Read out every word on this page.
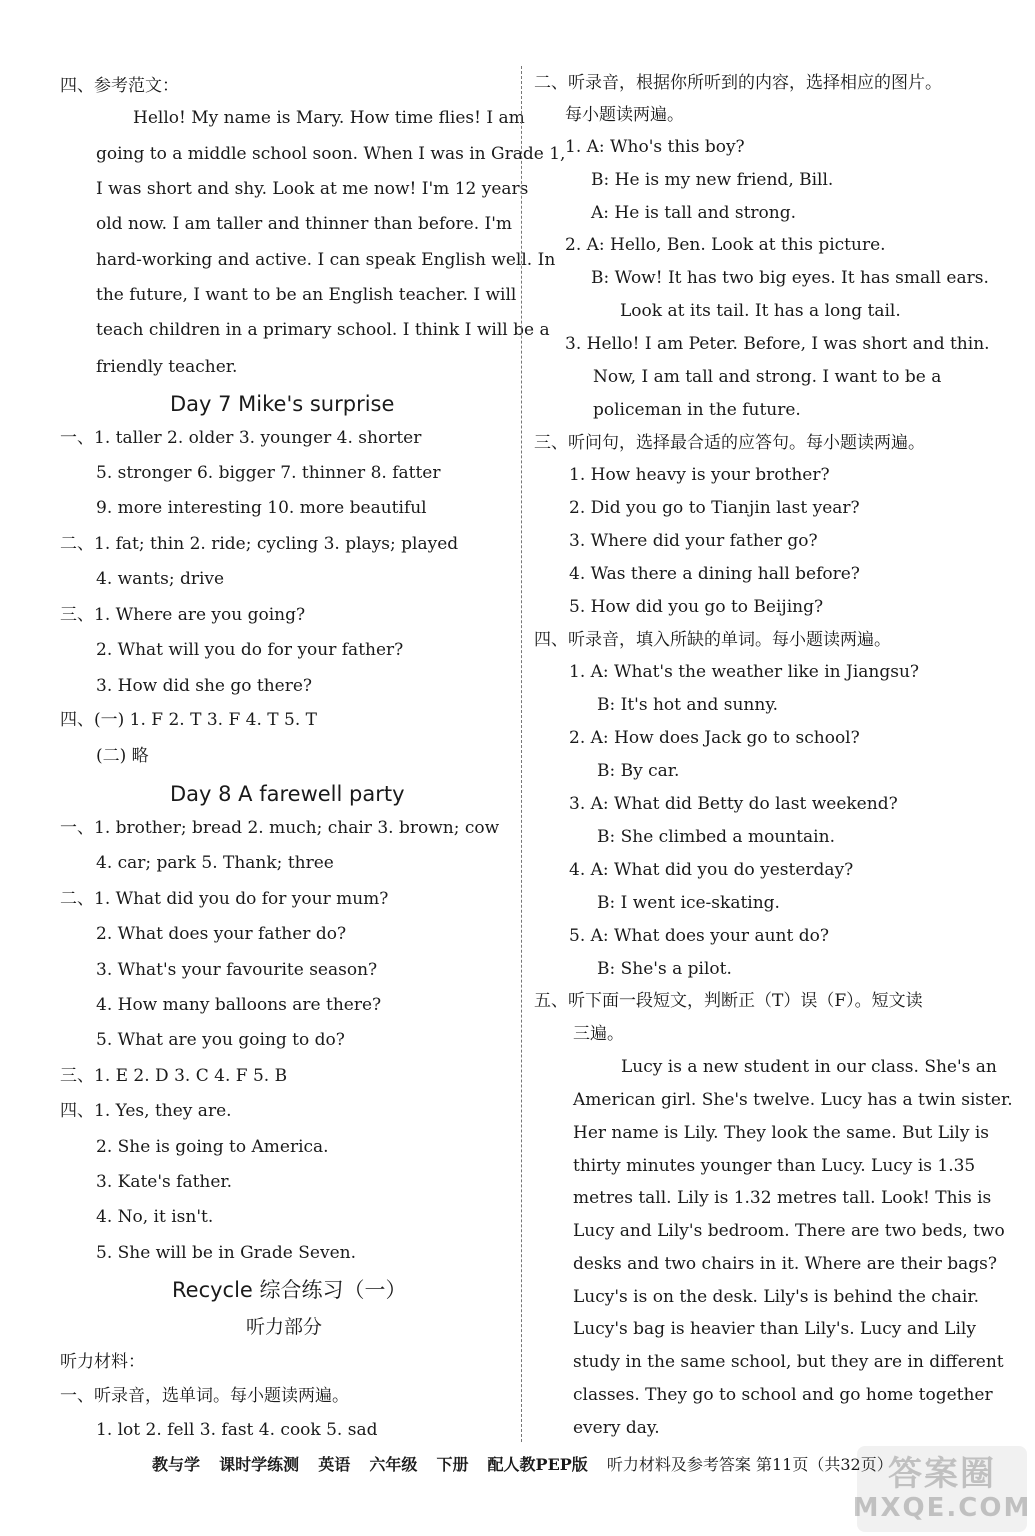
四、参考范文：
Hello! My name is Mary. How time flies! I am
going to a middle school soon. When I was in Grade 1,
I was short and shy. Look at me now! I'm 12 years
old now. I am taller and thinner than before. I'm
hard-working and active. I can speak English well. In
the future, I want to be an English teacher. I will
teach children in a primary school. I think I will be a
friendly teacher.
Day 7 Mike's surprise
一、1. taller 2. older 3. younger 4. shorter
5. stronger 6. bigger 7. thinner 8. fatter
9. more interesting 10. more beautiful
二、1. fat; thin 2. ride; cycling 3. plays; played
4. wants; drive
三、1. Where are you going?
2. What will you do for your father?
3. How did she go there?
四、(一) 1. F 2. T 3. F 4. T 5. T
(二) 略
Day 8 A farewell party
一、1. brother; bread 2. much; chair 3. brown; cow
4. car; park 5. Thank; three
二、1. What did you do for your mum?
2. What does your father do?
3. What's your favourite season?
4. How many balloons are there?
5. What are you going to do?
三、1. E 2. D 3. C 4. F 5. B
四、1. Yes, they are.
2. She is going to America.
3. Kate's father.
4. No, it isn't.
5. She will be in Grade Seven.
Recycle 综合练习（一）
听力部分
听力材料：
一、听录音，选单词。每小题读两遍。
1. lot 2. fell 3. fast 4. cook 5. sad
二、听录音，根据你所听到的内容，选择相应的图片。
每小题读两遍。
1. A: Who's this boy?
B: He is my new friend, Bill.
A: He is tall and strong.
2. A: Hello, Ben. Look at this picture.
B: Wow! It has two big eyes. It has small ears.
Look at its tail. It has a long tail.
3. Hello! I am Peter. Before, I was short and thin.
Now, I am tall and strong. I want to be a
policeman in the future.
三、听问句，选择最合适的应答句。每小题读两遍。
1. How heavy is your brother?
2. Did you go to Tianjin last year?
3. Where did your father go?
4. Was there a dining hall before?
5. How did you go to Beijing?
四、听录音，填入所缺的单词。每小题读两遍。
1. A: What's the weather like in Jiangsu?
B: It's hot and sunny.
2. A: How does Jack go to school?
B: By car.
3. A: What did Betty do last weekend?
B: She climbed a mountain.
4. A: What did you do yesterday?
B: I went ice-skating.
5. A: What does your aunt do?
B: She's a pilot.
五、听下面一段短文，判断正（T）误（F）。短文读
三遍。
Lucy is a new student in our class. She's an
American girl. She's twelve. Lucy has a twin sister.
Her name is Lily. They look the same. But Lily is
thirty minutes younger than Lucy. Lucy is 1.35
metres tall. Lily is 1.32 metres tall. Look! This is
Lucy and Lily's bedroom. There are two beds, two
desks and two chairs in it. Where are their bags?
Lucy's is on the desk. Lily's is behind the chair.
Lucy's bag is heavier than Lily's. Lucy and Lily
study in the same school, but they are in different
classes. They go to school and go home together
every day.
教与学 课时学练测 英语 六年级 下册 配人教PEP版 听力材料及参考答案 第11页（共32页）
答案圈
MXQE.COM
